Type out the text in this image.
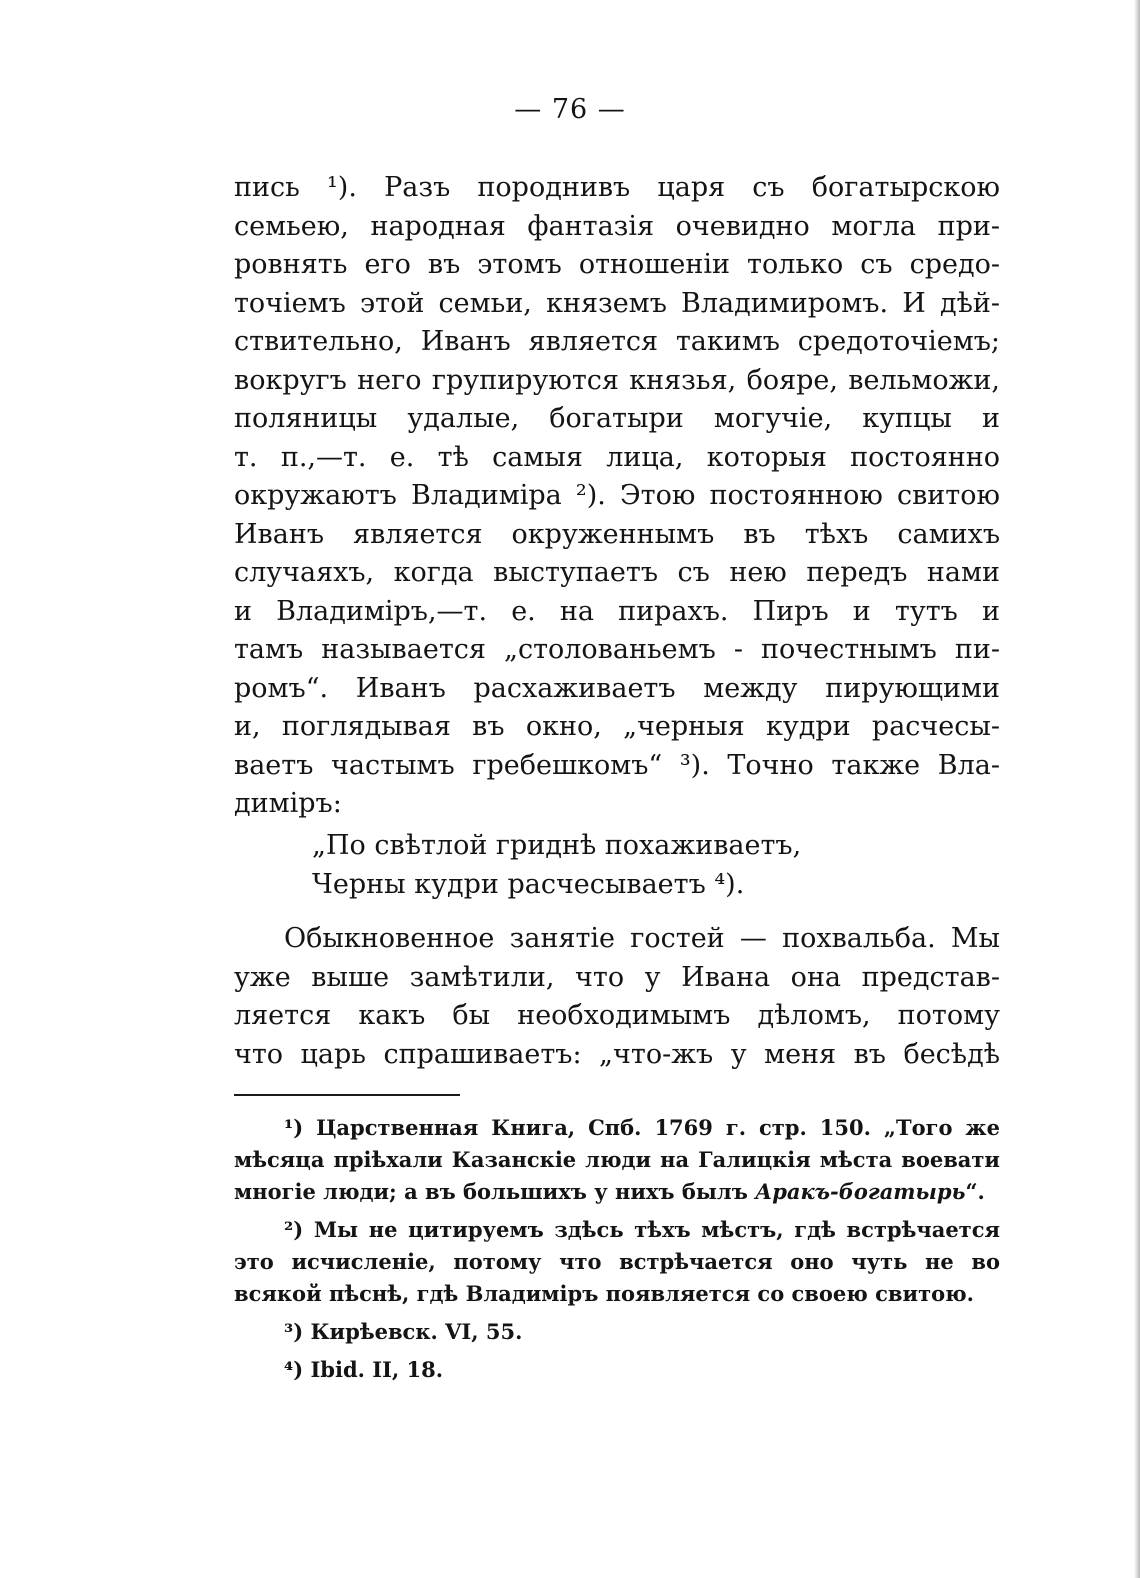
— 76 —
пись ¹). Разъ породнивъ царя съ богатырскою
семьею, народная фантазія очевидно могла при-
ровнять его въ этомъ отношеніи только съ средо-
точіемъ этой семьи, княземъ Владимиромъ. И дѣй-
ствительно, Иванъ является такимъ средоточіемъ;
вокругъ него групируются князья, бояре, вельможи,
поляницы удалые, богатыри могучіе, купцы и
т. п.,—т. е. тѣ самыя лица, которыя постоянно
окружаютъ Владиміра ²). Этою постоянною свитою
Иванъ является окруженнымъ въ тѣхъ самихъ
случаяхъ, когда выступаетъ съ нею передъ нами
и Владиміръ,—т. е. на пирахъ. Пиръ и тутъ и
тамъ называется „столованьемъ - почестнымъ пи-
ромъ“. Иванъ расхаживаетъ между пирующими
и, поглядывая въ окно, „черныя кудри расчесы-
ваетъ частымъ гребешкомъ“ ³). Точно также Вла-
диміръ:
„По свѣтлой гриднѣ похаживаетъ,
Черны кудри расчесываетъ ⁴).
Обыкновенное занятіе гостей — похвальба. Мы
уже выше замѣтили, что у Ивана она представ-
ляется какъ бы необходимымъ дѣломъ, потому
что царь спрашиваетъ: „что-жъ у меня въ бесѣдѣ
¹) Царственная Книга, Спб. 1769 г. стр. 150. „Того же
мѣсяца пріѣхали Казанскіе люди на Галицкія мѣста воевати
многіе люди; а въ большихъ у нихъ былъ Аракъ-богатырь“.
²) Мы не цитируемъ здѣсь тѣхъ мѣстъ, гдѣ встрѣчается
это исчисленіе, потому что встрѣчается оно чуть не во
всякой пѣснѣ, гдѣ Владиміръ появляется со своею свитою.
³) Кирѣевск. VI, 55.
⁴) Ibid. II, 18.
